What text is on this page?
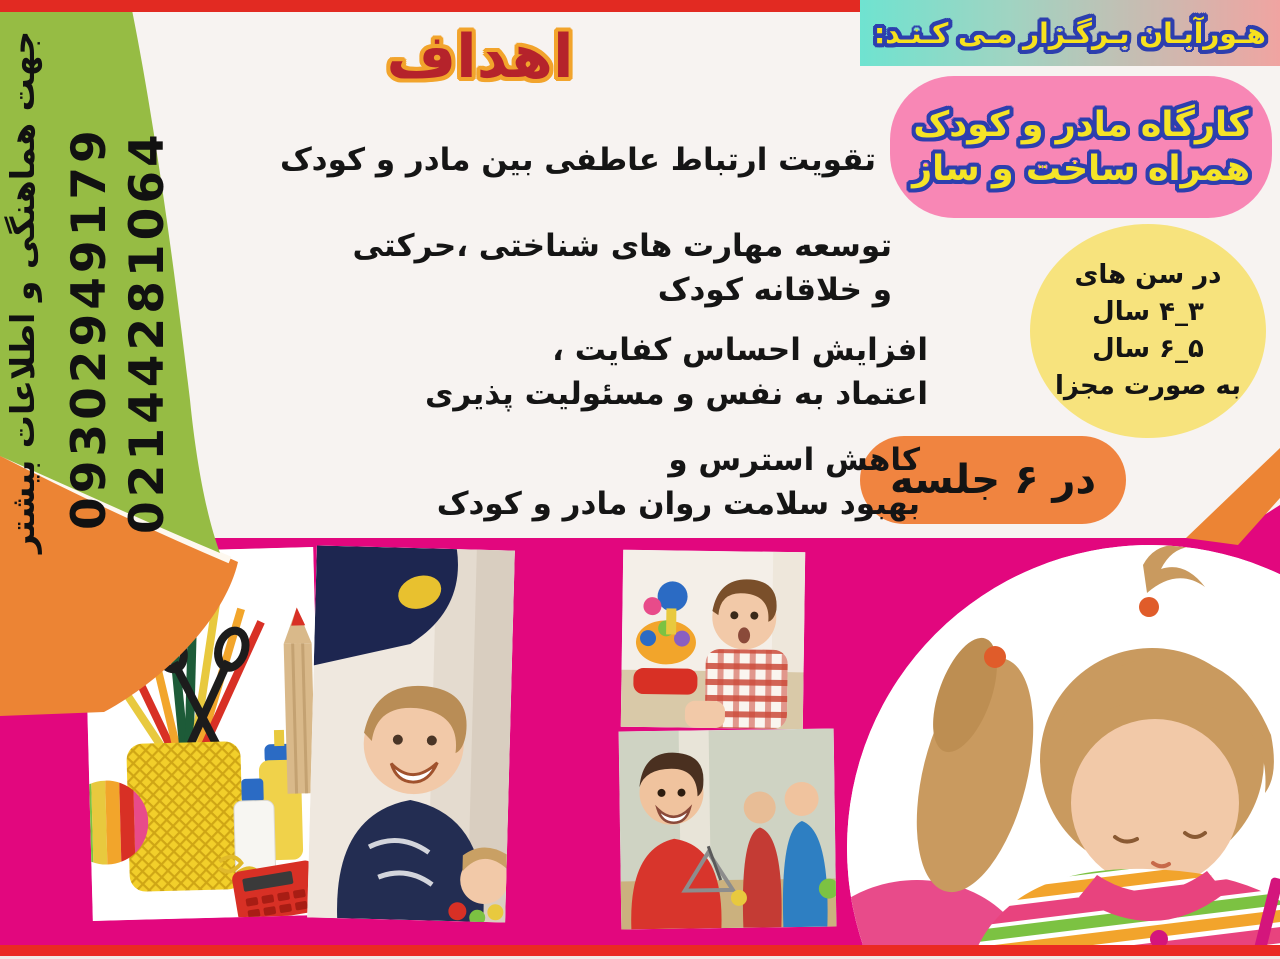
جهت هماهنگی و اطلاعات بیشتر 09302949179 02144281064
هـورآبـان بـرگـزار مـی کـنـد:
کارگاه مادر و کودک
همراه ساخت و ساز
در سن های
۳_۴ سال
۵_۶ سال
به صورت مجزا
در ۶ جلسه
اهداف
تقویت ارتباط عاطفی بین مادر و کودک
توسعه مهارت های شناختی ،حرکتی
و خلاقانه کودک
افزایش احساس کفایت ،
اعتماد به نفس و مسئولیت پذیری
کاهش استرس و
بهبود سلامت روان مادر و کودک
